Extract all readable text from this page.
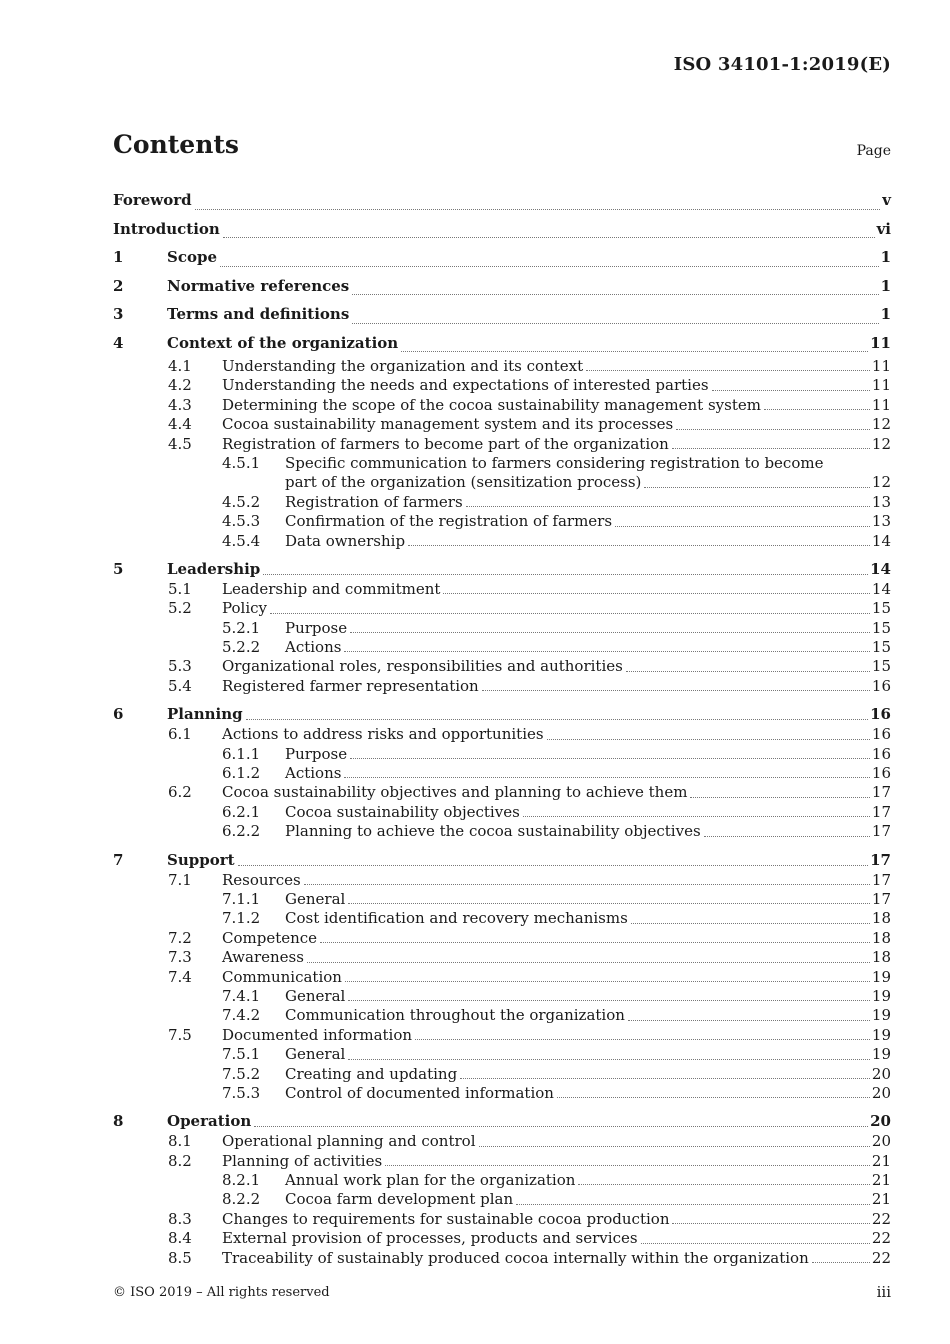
ISO 34101-1:2019(E)
Contents	Page
Foreword	v
Introduction	vi
1	Scope	1
2	Normative references	1
3	Terms and definitions	1
4	Context of the organization	11
4.1 Understanding the organization and its context	11
4.2 Understanding the needs and expectations of interested parties	11
4.3 Determining the scope of the cocoa sustainability management system	11
4.4 Cocoa sustainability management system and its processes	12
4.5 Registration of farmers to become part of the organization	12
4.5.1 Specific communication to farmers considering registration to become
part of the organization (sensitization process)	12
4.5.2 Registration of farmers	13
4.5.3 Confirmation of the registration of farmers	13
4.5.4 Data ownership	14
5	Leadership	14
5.1 Leadership and commitment	14
5.2 Policy	15
5.2.1 Purpose	15
5.2.2 Actions	15
5.3 Organizational roles, responsibilities and authorities	15
5.4 Registered farmer representation	16
6	Planning	16
6.1 Actions to address risks and opportunities	16
6.1.1 Purpose	16
6.1.2 Actions	16
6.2 Cocoa sustainability objectives and planning to achieve them	17
6.2.1 Cocoa sustainability objectives	17
6.2.2 Planning to achieve the cocoa sustainability objectives	17
7	Support	17
7.1 Resources	17
7.1.1 General	17
7.1.2 Cost identification and recovery mechanisms	18
7.2 Competence	18
7.3 Awareness	18
7.4 Communication	19
7.4.1 General	19
7.4.2 Communication throughout the organization	19
7.5 Documented information	19
7.5.1 General	19
7.5.2 Creating and updating	20
7.5.3 Control of documented information	20
8	Operation	20
8.1 Operational planning and control	20
8.2 Planning of activities	21
8.2.1 Annual work plan for the organization	21
8.2.2 Cocoa farm development plan	21
8.3 Changes to requirements for sustainable cocoa production	22
8.4 External provision of processes, products and services	22
8.5 Traceability of sustainably produced cocoa internally within the organization	22
© ISO 2019 – All rights reserved	iii
